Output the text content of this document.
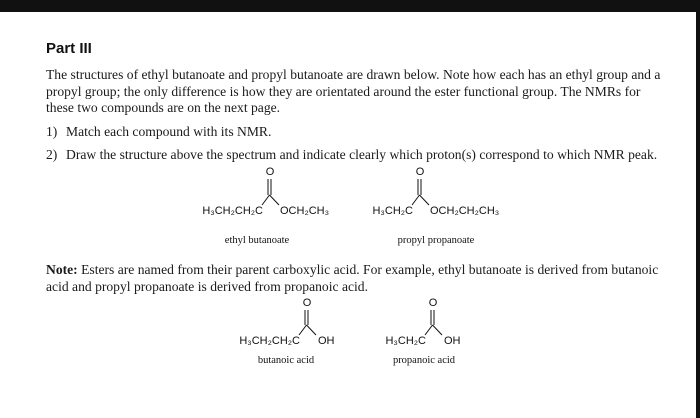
Part III

The structures of ethyl butanoate and propyl butanoate are drawn below. Note how each has an ethyl group and a propyl group; the only difference is how they are orientated around the ester functional group. The NMRs for these two compounds are on the next page.

1) Match each compound with its NMR.
2) Draw the structure above the spectrum and indicate clearly which proton(s) correspond to which NMR peak.
O
H₃CH₂CH₂C OCH₂CH₃
ethyl butanoate
O
H₃CH₂C OCH₂CH₂CH₃
propyl propanoate
Note: Esters are named from their parent carboxylic acid. For example, ethyl butanoate is derived from butanoic acid and propyl propanoate is derived from propanoic acid.
O
H₃CH₂CH₂C OH
butanoic acid
O
H₃CH₂C OH
propanoic acid
